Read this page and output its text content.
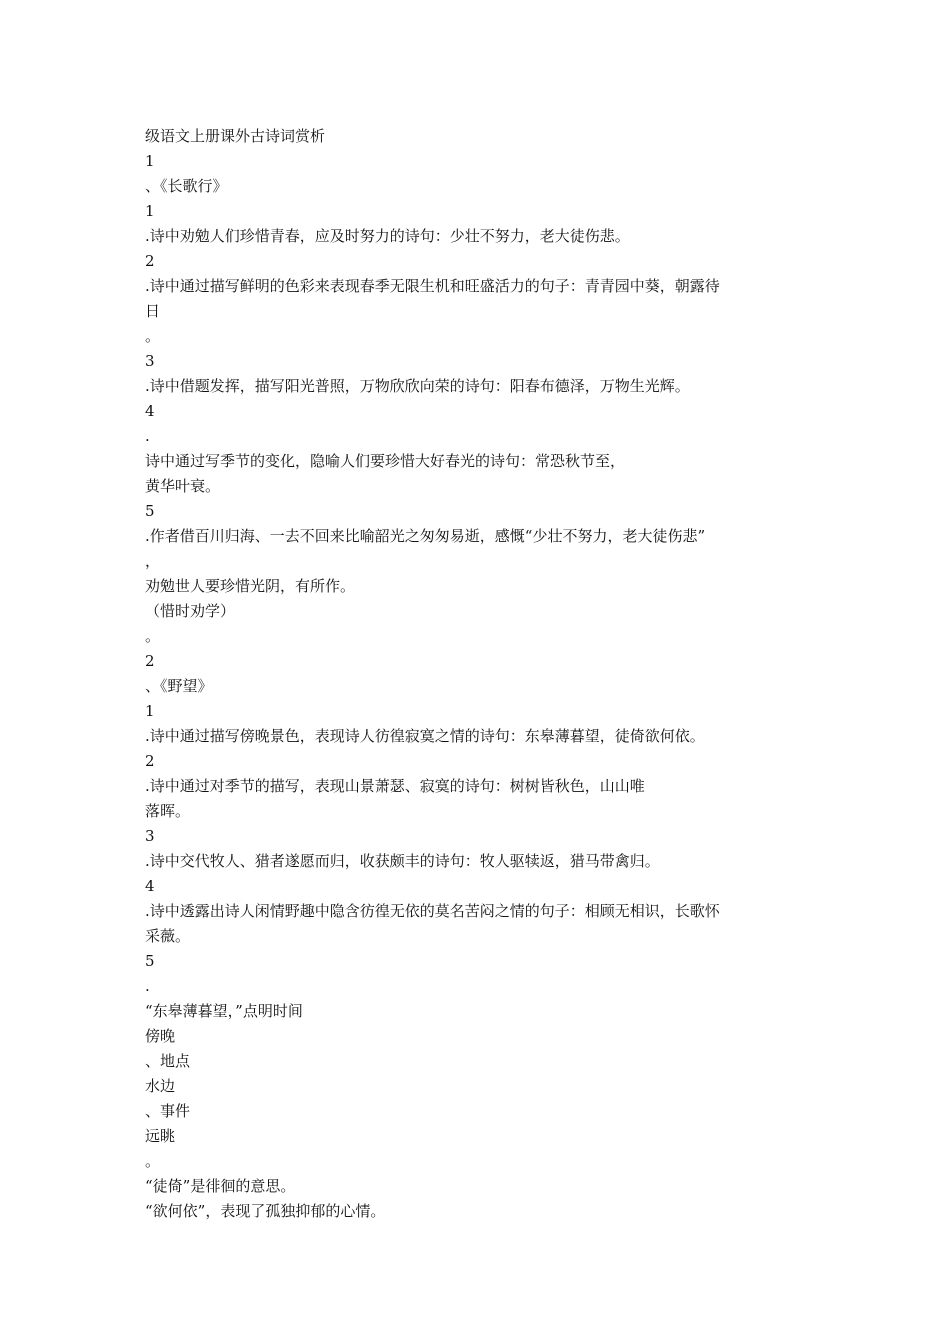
级语文上册课外古诗词赏析
1
、《长歌行》
1
.诗中劝勉人们珍惜青春，应及时努力的诗句：少壮不努力，老大徒伤悲。
2
.诗中通过描写鲜明的色彩来表现春季无限生机和旺盛活力的句子：青青园中葵，朝露待
日
。
3
.诗中借题发挥，描写阳光普照，万物欣欣向荣的诗句：阳春布德泽，万物生光辉。
4
.
诗中通过写季节的变化，隐喻人们要珍惜大好春光的诗句：常恐秋节至，
黄华叶衰。
5
.作者借百川归海、一去不回来比喻韶光之匆匆易逝，感慨“少壮不努力，老大徒伤悲”
，
劝勉世人要珍惜光阴，有所作。
（惜时劝学）
。
2
、《野望》
1
.诗中通过描写傍晚景色，表现诗人彷徨寂寞之情的诗句：东皋薄暮望，徒倚欲何依。
2
.诗中通过对季节的描写，表现山景萧瑟、寂寞的诗句：树树皆秋色，山山唯
落晖。
3
.诗中交代牧人、猎者遂愿而归，收获颇丰的诗句：牧人驱犊返，猎马带禽归。
4
.诗中透露出诗人闲情野趣中隐含彷徨无依的莫名苦闷之情的句子：相顾无相识，长歌怀
采薇。
5
.
“东皋薄暮望，”点明时间
傍晚
、地点
水边
、事件
远眺
。
“徒倚”是徘徊的意思。
“欲何依”，表现了孤独抑郁的心情。
